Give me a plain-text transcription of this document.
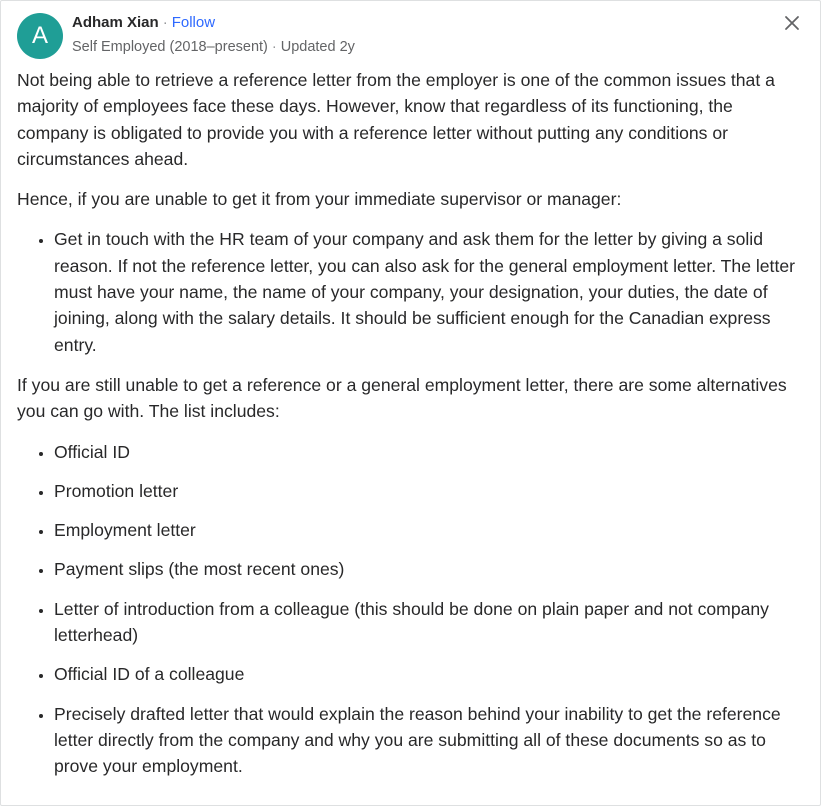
A	Adham Xian · Follow
Self Employed (2018–present) · Updated 2y

Not being able to retrieve a reference letter from the employer is one of the common issues that a majority of employees face these days. However, know that regardless of its functioning, the company is obligated to provide you with a reference letter without putting any conditions or circumstances ahead.

Hence, if you are unable to get it from your immediate supervisor or manager:

• Get in touch with the HR team of your company and ask them for the letter by giving a solid reason. If not the reference letter, you can also ask for the general employment letter. The letter must have your name, the name of your company, your designation, your duties, the date of joining, along with the salary details. It should be sufficient enough for the Canadian express entry.

If you are still unable to get a reference or a general employment letter, there are some alternatives you can go with. The list includes:

• Official ID
• Promotion letter
• Employment letter
• Payment slips (the most recent ones)
• Letter of introduction from a colleague (this should be done on plain paper and not company letterhead)
• Official ID of a colleague
• Precisely drafted letter that would explain the reason behind your inability to get the reference letter directly from the company and why you are submitting all of these documents so as to prove your employment.
